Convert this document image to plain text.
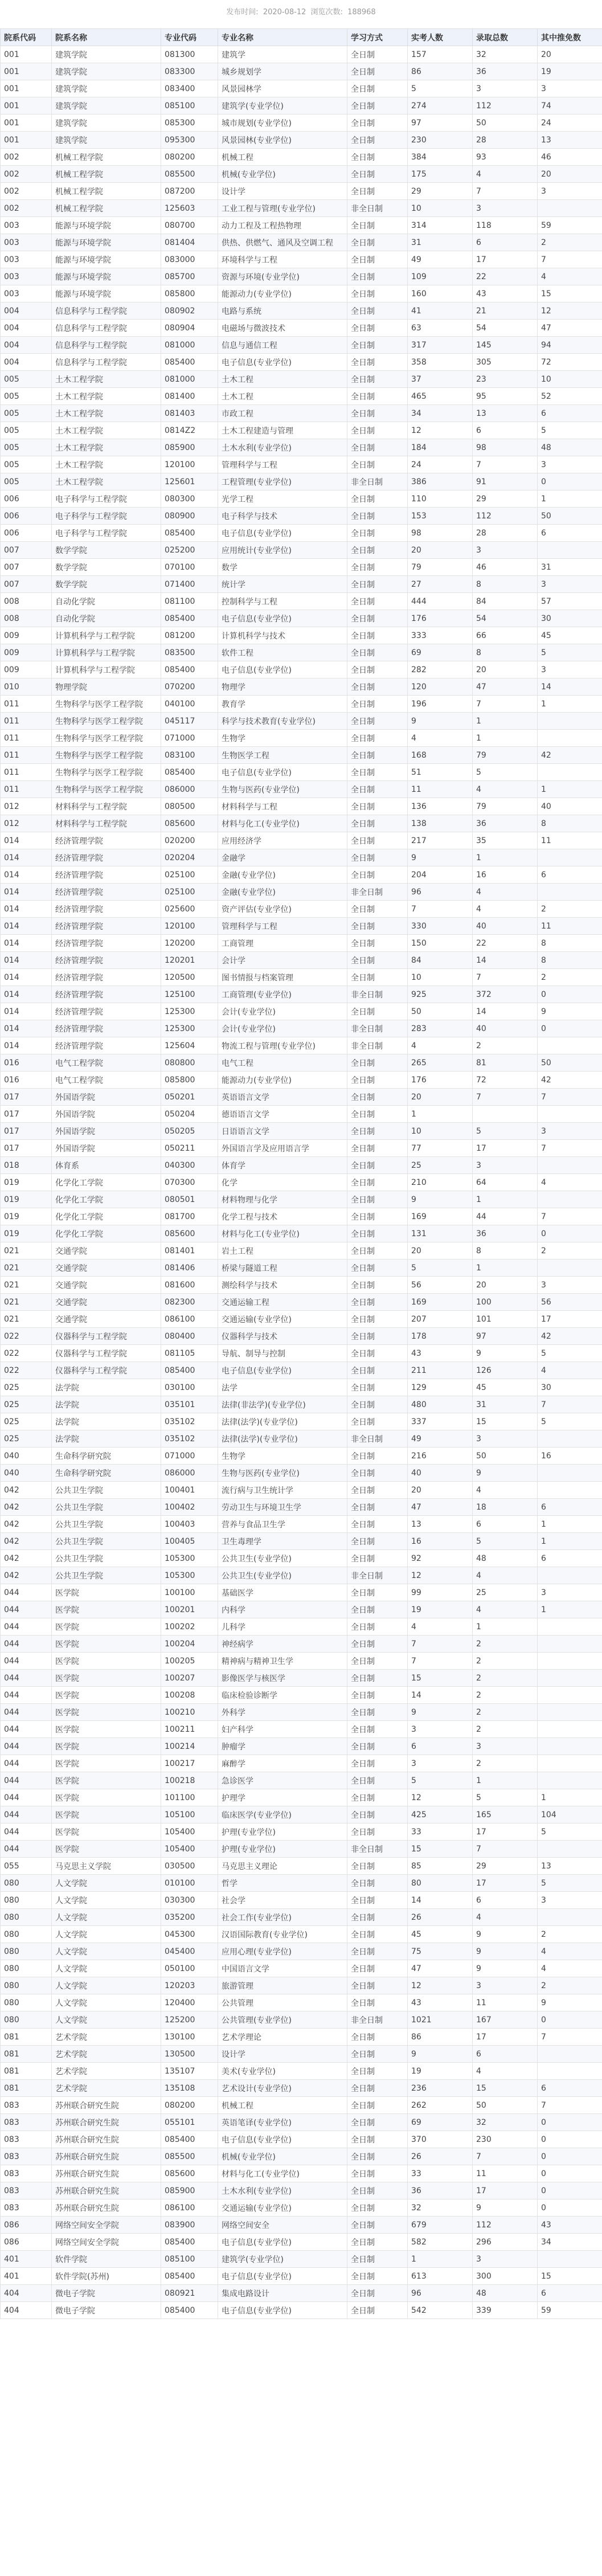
发布时间: 2020-08-12 浏览次数: 188968
院系代码	院系名称	专业代码	专业名称	学习方式	实考人数	录取总数	其中推免数
001	建筑学院	081300	建筑学	全日制	157	32	20
001	建筑学院	083300	城乡规划学	全日制	86	36	19
001	建筑学院	083400	风景园林学	全日制	5	3	3
001	建筑学院	085100	建筑学(专业学位)	全日制	274	112	74
001	建筑学院	085300	城市规划(专业学位)	全日制	97	50	24
001	建筑学院	095300	风景园林(专业学位)	全日制	230	28	13
002	机械工程学院	080200	机械工程	全日制	384	93	46
002	机械工程学院	085500	机械(专业学位)	全日制	175	4	20
002	机械工程学院	087200	设计学	全日制	29	7	3
002	机械工程学院	125603	工业工程与管理(专业学位)	非全日制	10	3	
003	能源与环境学院	080700	动力工程及工程热物理	全日制	314	118	59
003	能源与环境学院	081404	供热、供燃气、通风及空调工程	全日制	31	6	2
003	能源与环境学院	083000	环境科学与工程	全日制	49	17	7
003	能源与环境学院	085700	资源与环境(专业学位)	全日制	109	22	4
003	能源与环境学院	085800	能源动力(专业学位)	全日制	160	43	15
004	信息科学与工程学院	080902	电路与系统	全日制	41	21	12
004	信息科学与工程学院	080904	电磁场与微波技术	全日制	63	54	47
004	信息科学与工程学院	081000	信息与通信工程	全日制	317	145	94
004	信息科学与工程学院	085400	电子信息(专业学位)	全日制	358	305	72
005	土木工程学院	081000	土木工程	全日制	37	23	10
005	土木工程学院	081400	土木工程	全日制	465	95	52
005	土木工程学院	081403	市政工程	全日制	34	13	6
005	土木工程学院	0814Z2	土木工程建造与管理	全日制	12	6	5
005	土木工程学院	085900	土木水利(专业学位)	全日制	184	98	48
005	土木工程学院	120100	管理科学与工程	全日制	24	7	3
005	土木工程学院	125601	工程管理(专业学位)	非全日制	386	91	0
006	电子科学与工程学院	080300	光学工程	全日制	110	29	1
006	电子科学与工程学院	080900	电子科学与技术	全日制	153	112	50
006	电子科学与工程学院	085400	电子信息(专业学位)	全日制	98	28	6
007	数学学院	025200	应用统计(专业学位)	全日制	20	3	
007	数学学院	070100	数学	全日制	79	46	31
007	数学学院	071400	统计学	全日制	27	8	3
008	自动化学院	081100	控制科学与工程	全日制	444	84	57
008	自动化学院	085400	电子信息(专业学位)	全日制	176	54	30
009	计算机科学与工程学院	081200	计算机科学与技术	全日制	333	66	45
009	计算机科学与工程学院	083500	软件工程	全日制	69	8	5
009	计算机科学与工程学院	085400	电子信息(专业学位)	全日制	282	20	3
010	物理学院	070200	物理学	全日制	120	47	14
011	生物科学与医学工程学院	040100	教育学	全日制	196	7	1
011	生物科学与医学工程学院	045117	科学与技术教育(专业学位)	全日制	9	1	
011	生物科学与医学工程学院	071000	生物学	全日制	4	1	
011	生物科学与医学工程学院	083100	生物医学工程	全日制	168	79	42
011	生物科学与医学工程学院	085400	电子信息(专业学位)	全日制	51	5	
011	生物科学与医学工程学院	086000	生物与医药(专业学位)	全日制	11	4	1
012	材料科学与工程学院	080500	材料科学与工程	全日制	136	79	40
012	材料科学与工程学院	085600	材料与化工(专业学位)	全日制	138	36	8
014	经济管理学院	020200	应用经济学	全日制	217	35	11
014	经济管理学院	020204	金融学	全日制	9	1	
014	经济管理学院	025100	金融(专业学位)	全日制	204	16	6
014	经济管理学院	025100	金融(专业学位)	非全日制	96	4	
014	经济管理学院	025600	资产评估(专业学位)	全日制	7	4	2
014	经济管理学院	120100	管理科学与工程	全日制	330	40	11
014	经济管理学院	120200	工商管理	全日制	150	22	8
014	经济管理学院	120201	会计学	全日制	84	14	8
014	经济管理学院	120500	图书情报与档案管理	全日制	10	7	2
014	经济管理学院	125100	工商管理(专业学位)	非全日制	925	372	0
014	经济管理学院	125300	会计(专业学位)	全日制	50	14	9
014	经济管理学院	125300	会计(专业学位)	非全日制	283	40	0
014	经济管理学院	125604	物流工程与管理(专业学位)	非全日制	4	2	
016	电气工程学院	080800	电气工程	全日制	265	81	50
016	电气工程学院	085800	能源动力(专业学位)	全日制	176	72	42
017	外国语学院	050201	英语语言文学	全日制	20	7	7
017	外国语学院	050204	德语语言文学	全日制	1		
017	外国语学院	050205	日语语言文学	全日制	10	5	3
017	外国语学院	050211	外国语言学及应用语言学	全日制	77	17	7
018	体育系	040300	体育学	全日制	25	3	
019	化学化工学院	070300	化学	全日制	210	64	4
019	化学化工学院	080501	材料物理与化学	全日制	9	1	
019	化学化工学院	081700	化学工程与技术	全日制	169	44	7
019	化学化工学院	085600	材料与化工(专业学位)	全日制	131	36	0
021	交通学院	081401	岩土工程	全日制	20	8	2
021	交通学院	081406	桥梁与隧道工程	全日制	5	1	
021	交通学院	081600	测绘科学与技术	全日制	56	20	3
021	交通学院	082300	交通运输工程	全日制	169	100	56
021	交通学院	086100	交通运输(专业学位)	全日制	207	101	17
022	仪器科学与工程学院	080400	仪器科学与技术	全日制	178	97	42
022	仪器科学与工程学院	081105	导航、制导与控制	全日制	43	9	5
022	仪器科学与工程学院	085400	电子信息(专业学位)	全日制	211	126	4
025	法学院	030100	法学	全日制	129	45	30
025	法学院	035101	法律(非法学)(专业学位)	全日制	480	31	7
025	法学院	035102	法律(法学)(专业学位)	全日制	337	15	5
025	法学院	035102	法律(法学)(专业学位)	非全日制	49	3	
040	生命科学研究院	071000	生物学	全日制	216	50	16
040	生命科学研究院	086000	生物与医药(专业学位)	全日制	40	9	
042	公共卫生学院	100401	流行病与卫生统计学	全日制	20	4	
042	公共卫生学院	100402	劳动卫生与环境卫生学	全日制	47	18	6
042	公共卫生学院	100403	营养与食品卫生学	全日制	13	6	1
042	公共卫生学院	100405	卫生毒理学	全日制	16	5	1
042	公共卫生学院	105300	公共卫生(专业学位)	全日制	92	48	6
042	公共卫生学院	105300	公共卫生(专业学位)	非全日制	12	4	
044	医学院	100100	基础医学	全日制	99	25	3
044	医学院	100201	内科学	全日制	19	4	1
044	医学院	100202	儿科学	全日制	4	1	
044	医学院	100204	神经病学	全日制	7	2	
044	医学院	100205	精神病与精神卫生学	全日制	7	2	
044	医学院	100207	影像医学与核医学	全日制	15	2	
044	医学院	100208	临床检验诊断学	全日制	14	2	
044	医学院	100210	外科学	全日制	9	2	
044	医学院	100211	妇产科学	全日制	3	2	
044	医学院	100214	肿瘤学	全日制	6	3	
044	医学院	100217	麻醉学	全日制	3	2	
044	医学院	100218	急诊医学	全日制	5	1	
044	医学院	101100	护理学	全日制	12	5	1
044	医学院	105100	临床医学(专业学位)	全日制	425	165	104
044	医学院	105400	护理(专业学位)	全日制	33	17	5
044	医学院	105400	护理(专业学位)	非全日制	15	7	
055	马克思主义学院	030500	马克思主义理论	全日制	85	29	13
080	人文学院	010100	哲学	全日制	80	17	5
080	人文学院	030300	社会学	全日制	14	6	3
080	人文学院	035200	社会工作(专业学位)	全日制	26	4	
080	人文学院	045300	汉语国际教育(专业学位)	全日制	45	9	2
080	人文学院	045400	应用心理(专业学位)	全日制	75	9	4
080	人文学院	050100	中国语言文学	全日制	47	9	4
080	人文学院	120203	旅游管理	全日制	12	3	2
080	人文学院	120400	公共管理	全日制	43	11	9
080	人文学院	125200	公共管理(专业学位)	非全日制	1021	167	0
081	艺术学院	130100	艺术学理论	全日制	86	17	7
081	艺术学院	130500	设计学	全日制	9	6	
081	艺术学院	135107	美术(专业学位)	全日制	19	4	
081	艺术学院	135108	艺术设计(专业学位)	全日制	236	15	6
083	苏州联合研究生院	080200	机械工程	全日制	262	50	7
083	苏州联合研究生院	055101	英语笔译(专业学位)	全日制	69	32	0
083	苏州联合研究生院	085400	电子信息(专业学位)	全日制	370	230	0
083	苏州联合研究生院	085500	机械(专业学位)	全日制	26	7	0
083	苏州联合研究生院	085600	材料与化工(专业学位)	全日制	33	11	0
083	苏州联合研究生院	085900	土木水利(专业学位)	全日制	36	17	0
083	苏州联合研究生院	086100	交通运输(专业学位)	全日制	32	9	0
086	网络空间安全学院	083900	网络空间安全	全日制	679	112	43
086	网络空间安全学院	085400	电子信息(专业学位)	全日制	582	296	34
401	软件学院	085100	建筑学(专业学位)	全日制	1	3	
401	软件学院(苏州)	085400	电子信息(专业学位)	全日制	613	300	15
404	微电子学院	080921	集成电路设计	全日制	96	48	6
404	微电子学院	085400	电子信息(专业学位)	全日制	542	339	59
